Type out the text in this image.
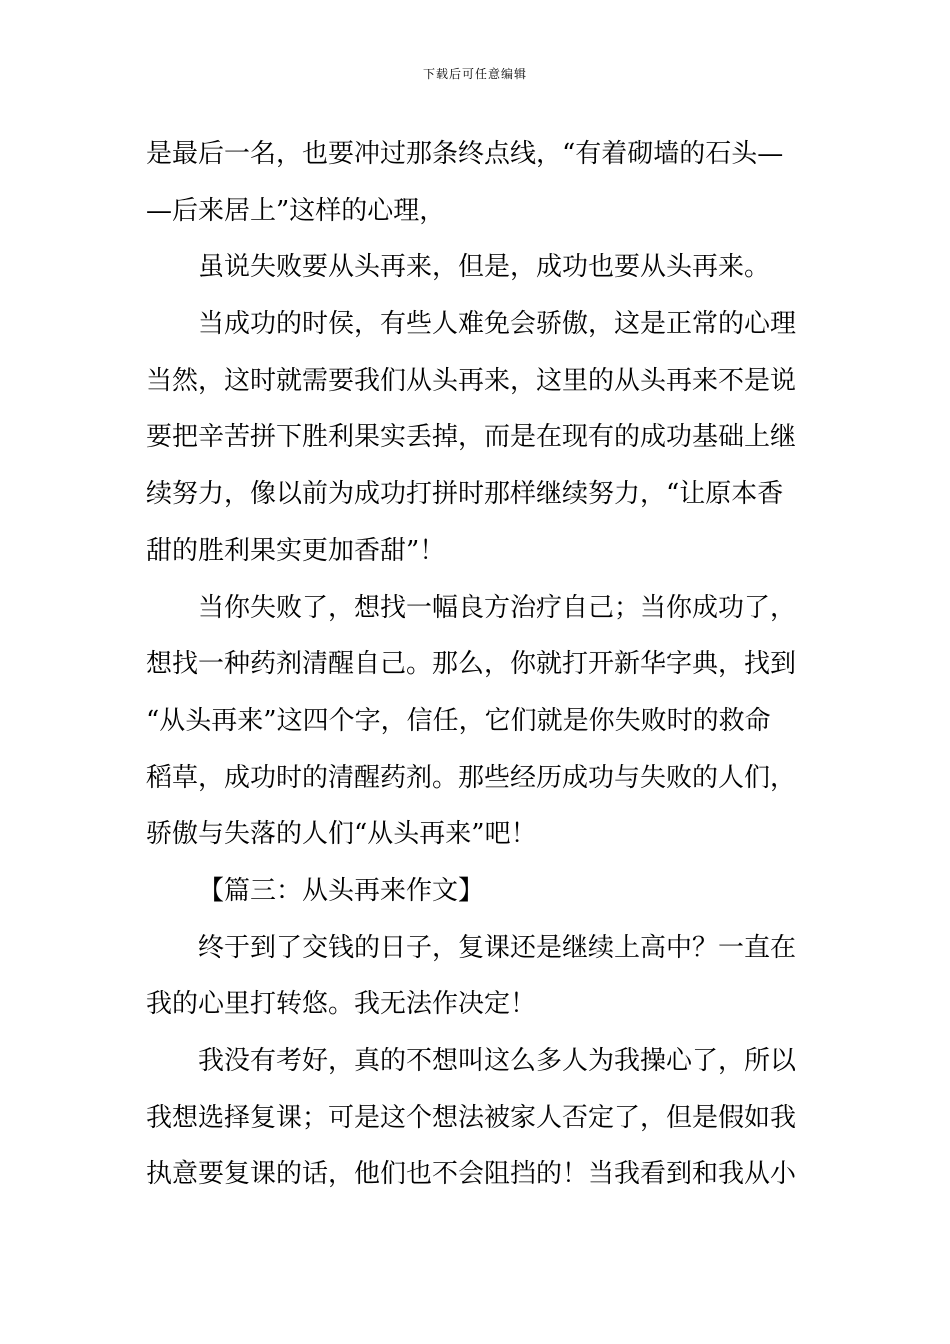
下载后可任意编辑
是最后一名，也要冲过那条终点线，“有着砌墙的石头—
—后来居上”这样的心理，
虽说失败要从头再来，但是，成功也要从头再来。
当成功的时侯，有些人难免会骄傲，这是正常的心理
当然，这时就需要我们从头再来，这里的从头再来不是说
要把辛苦拼下胜利果实丢掉，而是在现有的成功基础上继
续努力，像以前为成功打拼时那样继续努力，“让原本香
甜的胜利果实更加香甜”！
当你失败了，想找一幅良方治疗自己；当你成功了，
想找一种药剂清醒自己。那么，你就打开新华字典，找到
“从头再来”这四个字，信任，它们就是你失败时的救命
稻草，成功时的清醒药剂。那些经历成功与失败的人们，
骄傲与失落的人们“从头再来”吧！
【篇三：从头再来作文】
终于到了交钱的日子，复课还是继续上高中？一直在
我的心里打转悠。我无法作决定！
我没有考好，真的不想叫这么多人为我操心了，所以
我想选择复课；可是这个想法被家人否定了，但是假如我
执意要复课的话，他们也不会阻挡的！当我看到和我从小
